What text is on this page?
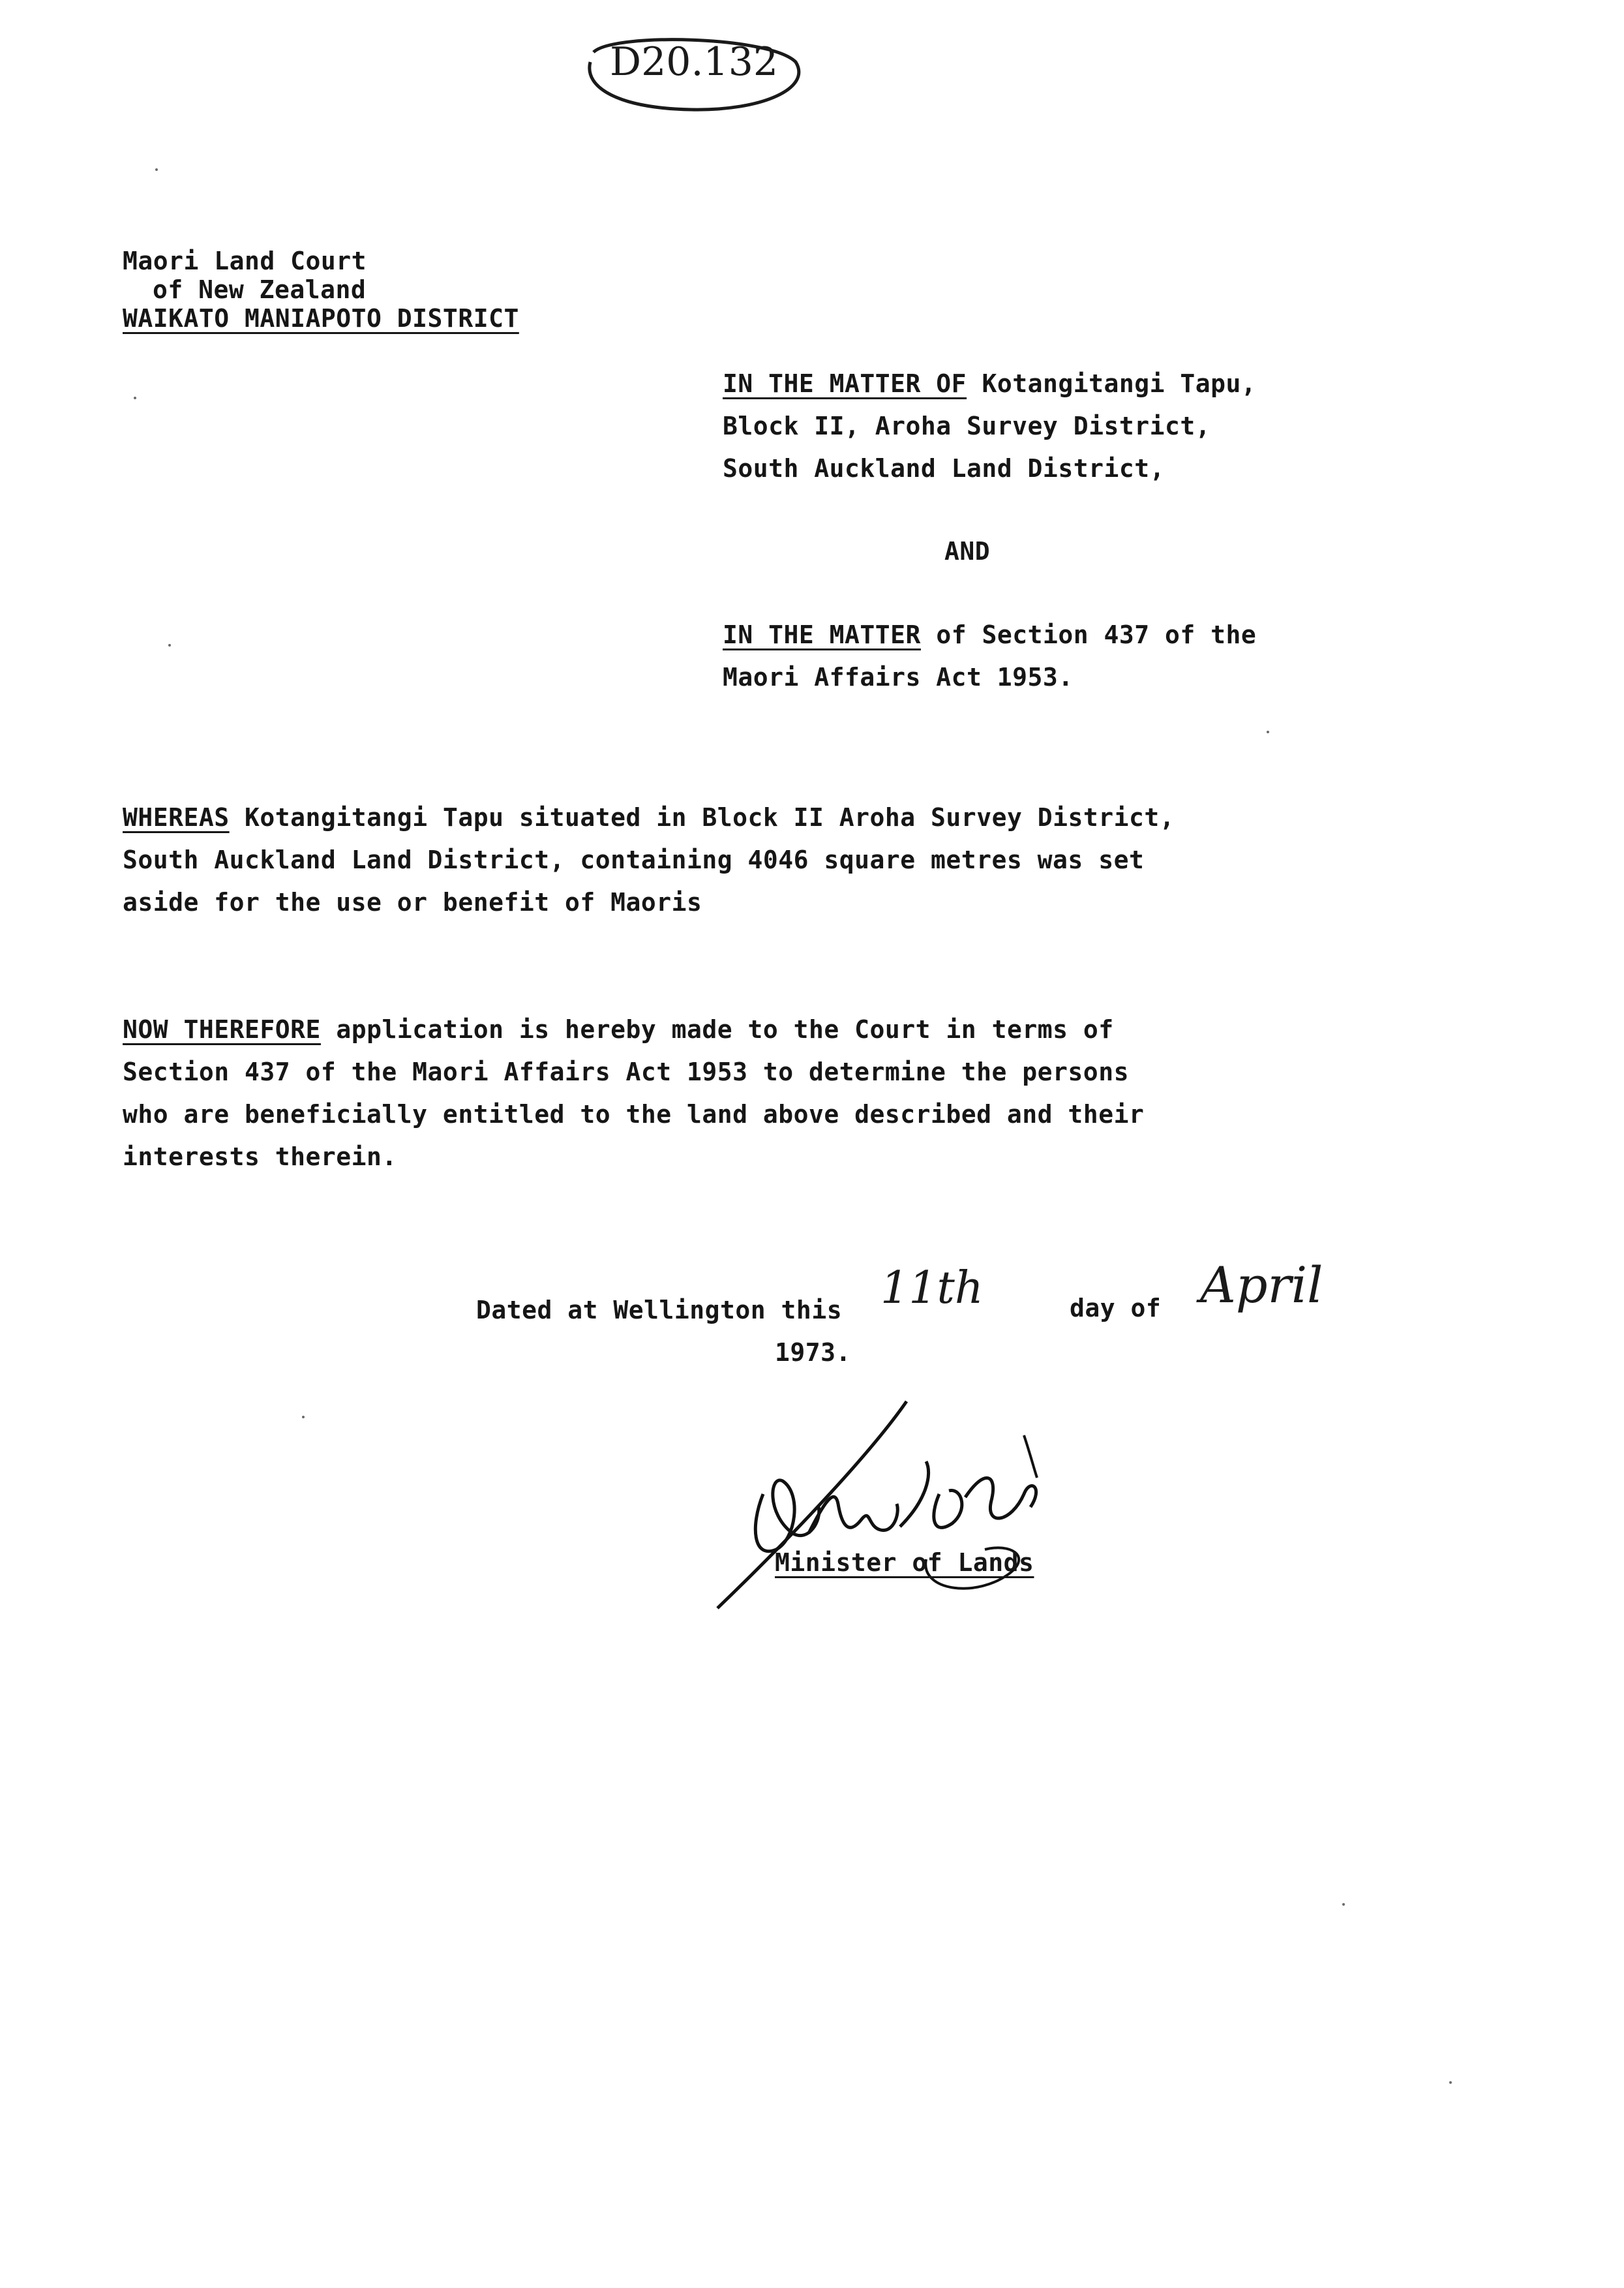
D20.132
Maori Land Court
of New Zealand
WAIKATO MANIAPOTO DISTRICT
IN THE MATTER OF Kotangitangi Tapu,
Block II, Aroha Survey District,
South Auckland Land District,
AND
IN THE MATTER of Section 437 of the
Maori Affairs Act 1953.
WHEREAS Kotangitangi Tapu situated in Block II Aroha Survey District,
South Auckland Land District, containing 4046 square metres was set
aside for the use or benefit of Maoris
NOW THEREFORE application is hereby made to the Court in terms of
Section 437 of the Maori Affairs Act 1953 to determine the persons
who are beneficially entitled to the land above described and their
interests therein.
Dated at Wellington this 11th	day of April
1973.
Minister of Lands
